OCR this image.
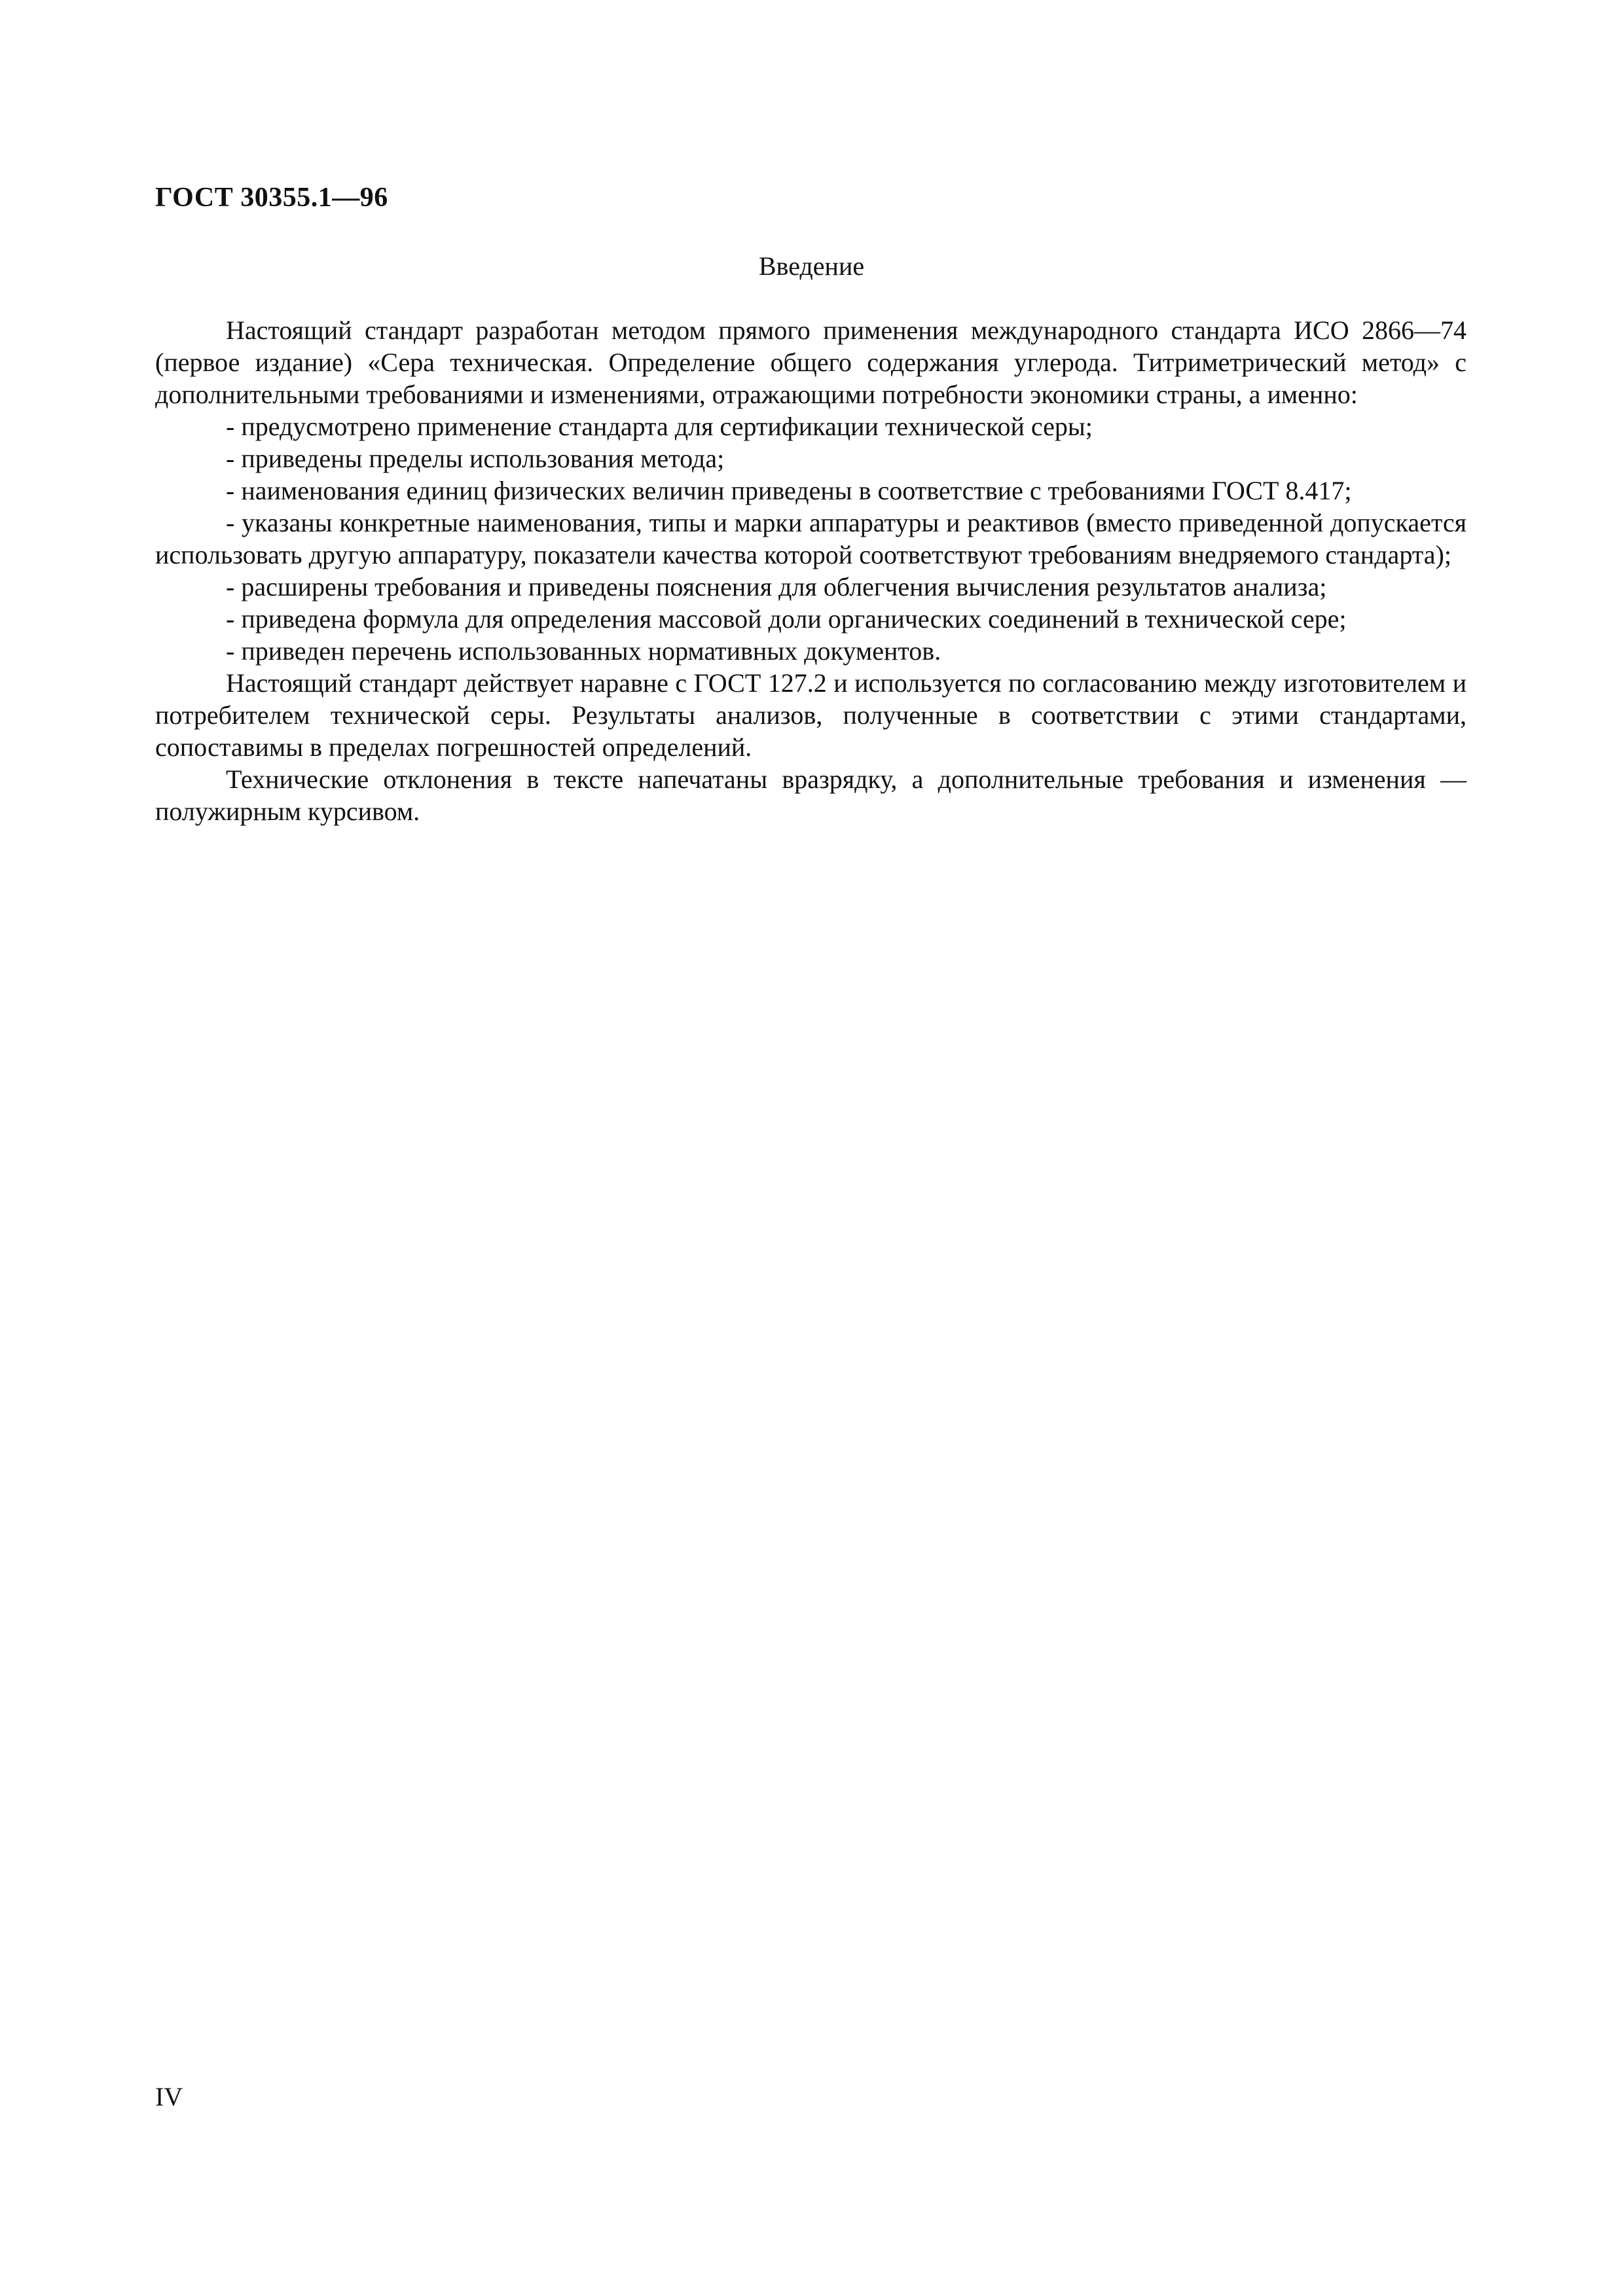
ГОСТ 30355.1—96
Введение

Настоящий стандарт разработан методом прямого применения международного стандарта ИСО 2866—74 (первое издание) «Сера техническая. Определение общего содержания углерода. Титриметрический метод» с дополнительными требованиями и изменениями, отражающими потребности экономики страны, а именно:

- предусмотрено применение стандарта для сертификации технической серы;

- приведены пределы использования метода;

- наименования единиц физических величин приведены в соответствие с требованиями ГОСТ 8.417;

- указаны конкретные наименования, типы и марки аппаратуры и реактивов (вместо приведенной допускается использовать другую аппаратуру, показатели качества которой соответствуют требованиям внедряемого стандарта);

- расширены требования и приведены пояснения для облегчения вычисления результатов анализа;

- приведена формула для определения массовой доли органических соединений в технической сере;

- приведен перечень использованных нормативных документов.

Настоящий стандарт действует наравне с ГОСТ 127.2 и используется по согласованию между изготовителем и потребителем технической серы. Результаты анализов, полученные в соответствии с этими стандартами, сопоставимы в пределах погрешностей определений.

Технические отклонения в тексте напечатаны вразрядку, а дополнительные требования и изменения — полужирным курсивом.

IV
